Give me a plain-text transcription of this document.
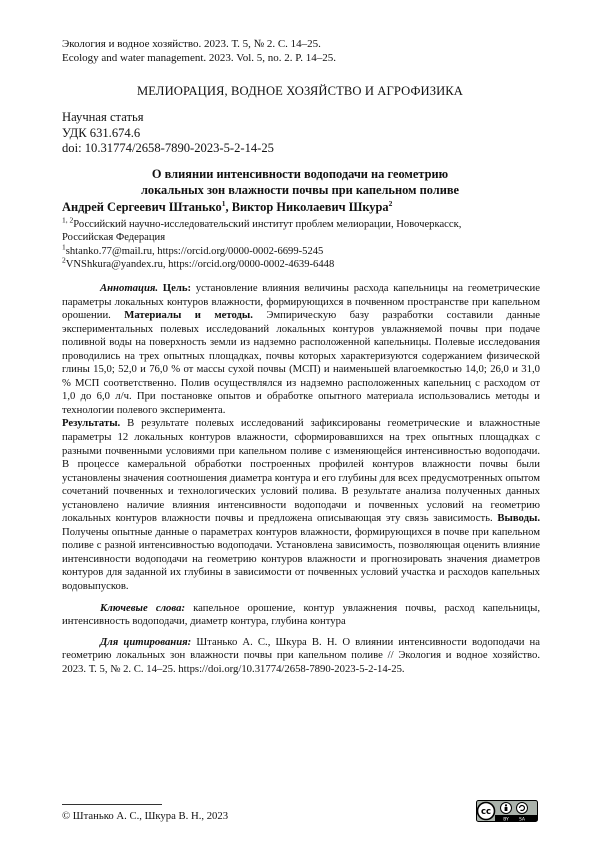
Экология и водное хозяйство. 2023. Т. 5, № 2. С. 14–25.
Ecology and water management. 2023. Vol. 5, no. 2. P. 14–25.
МЕЛИОРАЦИЯ, ВОДНОЕ ХОЗЯЙСТВО И АГРОФИЗИКА
Научная статья
УДК 631.674.6
doi: 10.31774/2658-7890-2023-5-2-14-25
О влиянии интенсивности водоподачи на геометрию
локальных зон влажности почвы при капельном поливе
Андрей Сергеевич Штанько$^1$, Виктор Николаевич Шкура$^2$
$^{1, 2}$Российский научно-исследовательский институт проблем мелиорации, Новочеркасск,
Российская Федерация
$^1$shtanko.77@mail.ru, https://orcid.org/0000-0002-6699-5245
$^2$VNShkura@yandex.ru, https://orcid.org/0000-0002-4639-6448

Аннотация. Цель: установление влияния величины расхода капельницы на геометрические параметры локальных контуров влажности, формирующихся в почвенном пространстве при капельном орошении. Материалы и методы. Эмпирическую базу разработки составили данные экспериментальных полевых исследований локальных контуров увлажняемой почвы при подаче поливной воды на поверхность земли из надземно расположенной капельницы. Полевые исследования проводились на трех опытных площадках, почвы которых характеризуются содержанием физической глины 15,0; 52,0 и 76,0 % от массы сухой почвы (МСП) и наименьшей влагоемкостью 14,0; 26,0 и 31,0 % МСП соответственно. Полив осуществлялся из надземно расположенных капельниц с расходом от 1,0 до 6,0 л/ч. При постановке опытов и обработке опытного материала использовались методы и технологии полевого эксперимента.

Результаты. В результате полевых исследований зафиксированы геометрические и влажностные параметры 12 локальных контуров влажности, сформировавшихся на трех опытных площадках с разными почвенными условиями при капельном поливе с изменяющейся интенсивностью водоподачи. В процессе камеральной обработки построенных профилей контуров влажности почвы были установлены значения соотношения диаметра контура и его глубины для всех предусмотренных опытом сочетаний почвенных и технологических условий полива. В результате анализа полученных данных установлено наличие влияния интенсивности водоподачи и почвенных условий на геометрию локальных контуров влажности почвы и предложена описывающая эту связь зависимость. Выводы. Получены опытные данные о параметрах контуров влажности, формирующихся в почве при капельном поливе с разной интенсивностью водоподачи. Установлена зависимость, позволяющая оценить влияние интенсивности водоподачи на геометрию контуров влажности и прогнозировать значения диаметров контуров для заданной их глубины в зависимости от почвенных условий участка и расходов капельных водовыпусков.

Ключевые слова: капельное орошение, контур увлажнения почвы, расход капельницы, интенсивность водоподачи, диаметр контура, глубина контура

Для цитирования: Штанько А. С., Шкура В. Н. О влиянии интенсивности водоподачи на геометрию локальных зон влажности почвы при капельном поливе // Экология и водное хозяйство. 2023. Т. 5, № 2. С. 14–25. https://doi.org/10.31774/2658-7890-2023-5-2-14-25.

© Штанько А. С., Шкура В. Н., 2023	cc
BY SA
